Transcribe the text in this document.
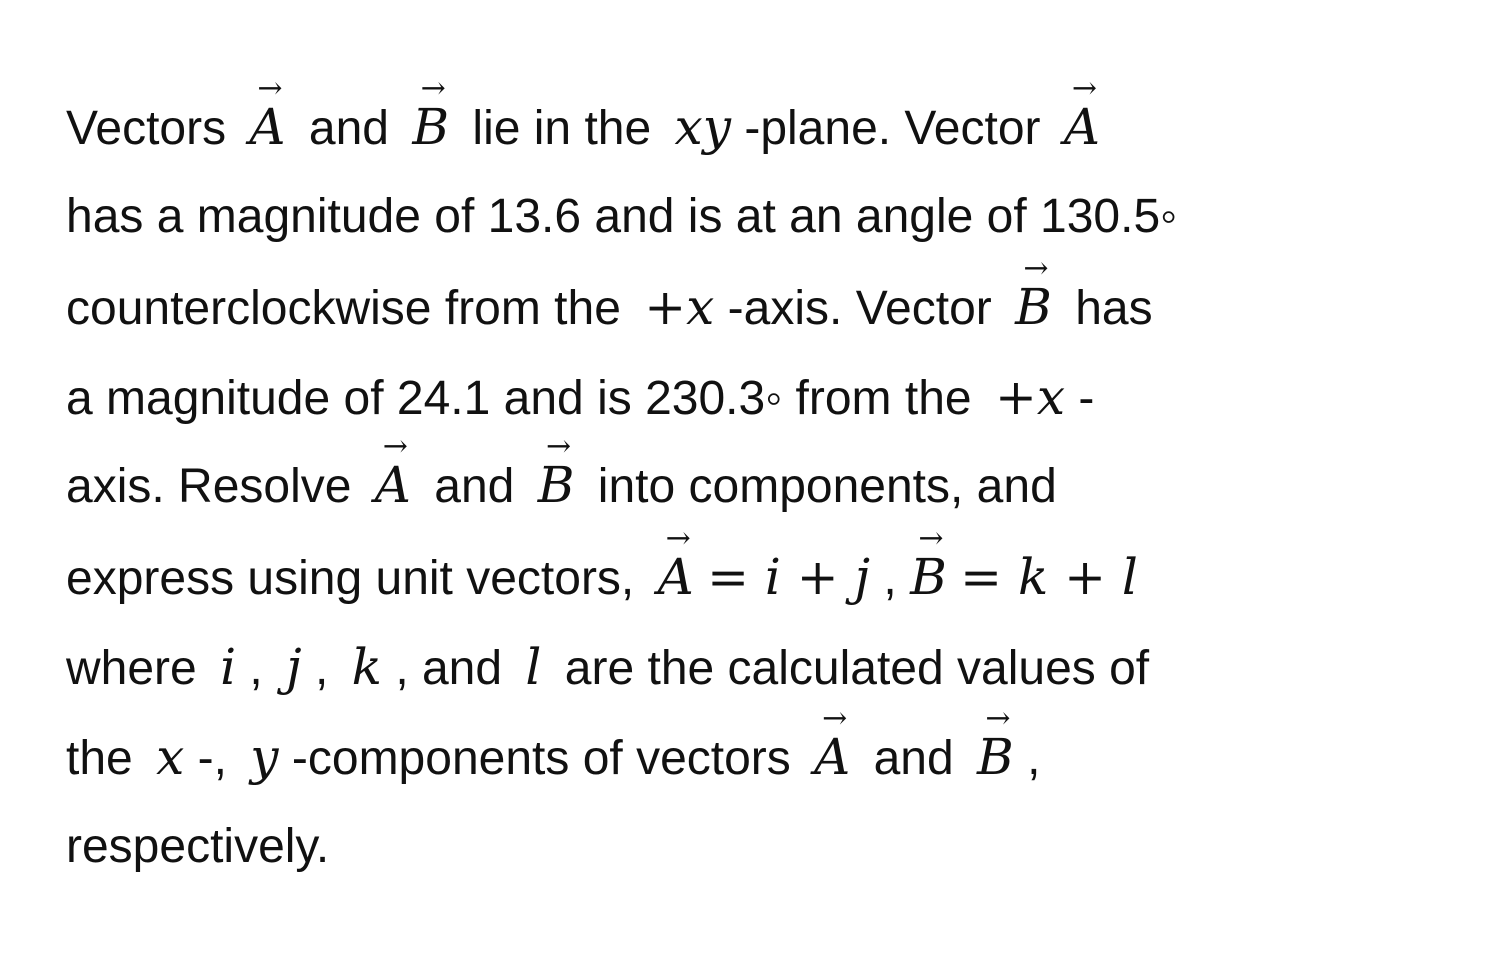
Vectors → A and → B lie in the xy -plane. Vector → A
has a magnitude of 13.6 and is at an angle of 130.5◦
counterclockwise from the +x -axis. Vector → B has
a magnitude of 24.1 and is 230.3◦ from the +x -
axis. Resolve → A and → B into components, and
express using unit vectors, → A = i + j , → B = k + l
where i , j , k , and l are the calculated values of
the x -, y -components of vectors → A and → B ,
respectively.
